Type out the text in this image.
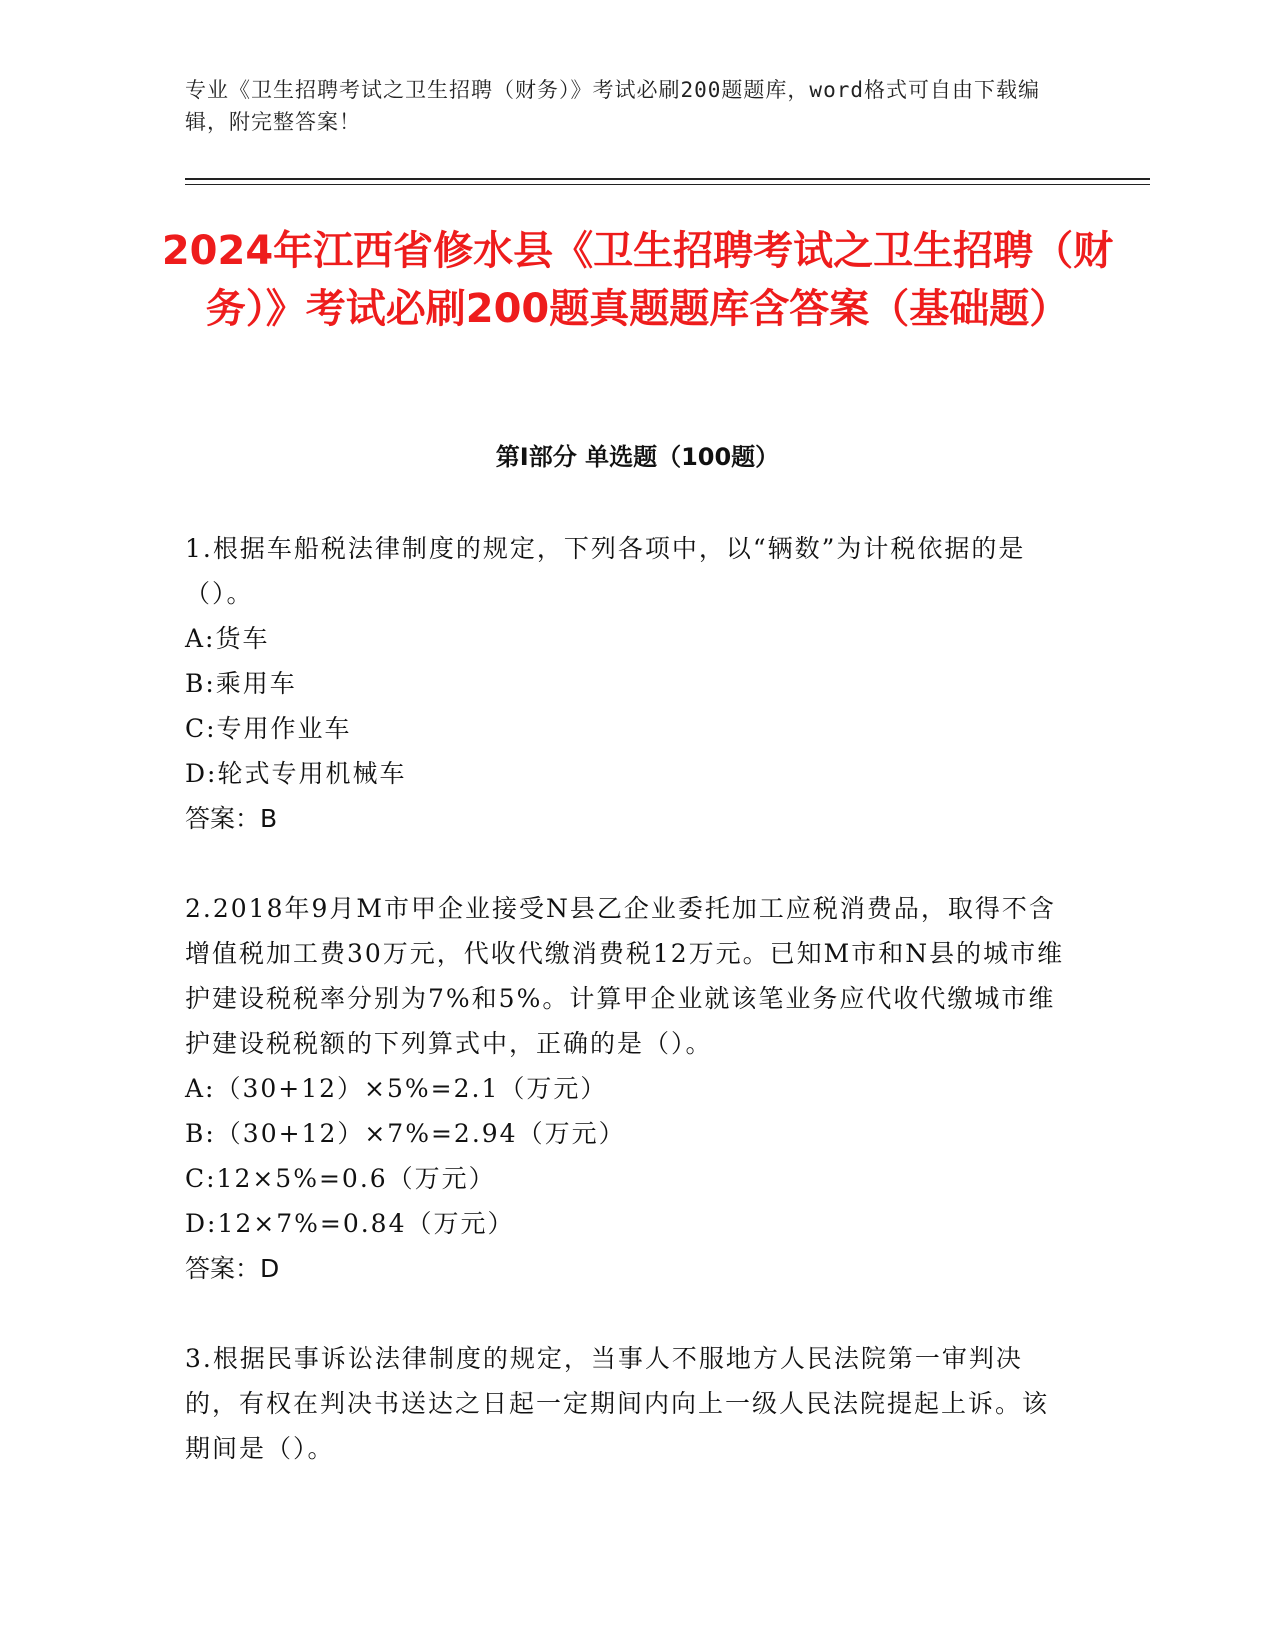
专业《卫生招聘考试之卫生招聘（财务）》考试必刷200题题库，word格式可自由下载编辑，附完整答案！
2024年江西省修水县《卫生招聘考试之卫生招聘（财务）》考试必刷200题真题题库含答案（基础题）
第Ⅰ部分 单选题（100题）

1.根据车船税法律制度的规定，下列各项中，以“辆数”为计税依据的是（）。

A:货车

B:乘用车

C:专用作业车

D:轮式专用机械车

答案：B

2.2018年9月M市甲企业接受N县乙企业委托加工应税消费品，取得不含增值税加工费30万元，代收代缴消费税12万元。已知M市和N县的城市维护建设税税率分别为7%和5%。计算甲企业就该笔业务应代收代缴城市维护建设税税额的下列算式中，正确的是（）。

A:（30+12）×5%=2.1（万元）

B:（30+12）×7%=2.94（万元）

C:12×5%=0.6（万元）

D:12×7%=0.84（万元）

答案：D

3.根据民事诉讼法律制度的规定，当事人不服地方人民法院第一审判决的，有权在判决书送达之日起一定期间内向上一级人民法院提起上诉。该期间是（）。
